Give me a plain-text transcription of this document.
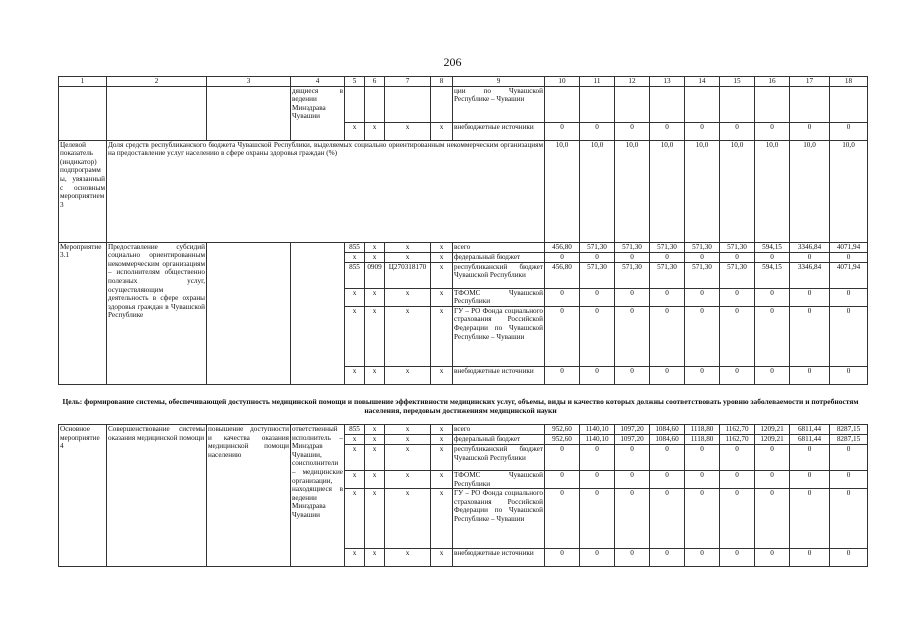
206
1	2	3	4	5	6	7	8	9	10	11	12	13	14	15	16	17	18
			дящиеся в ведении Минздрава Чувашии					ции по Чувашской Республике – Чувашии									
				x	x	x	x	внебюджетные источники	0	0	0	0	0	0	0	0	0
Целевой показатель (индикатор) подпрограммы, увязанный с основным мероприятием 3	Доля средств республиканского бюджета Чувашской Республики, выделяемых социально ориентированным некоммерческим организациям на предоставление услуг населению в сфере охраны здоровья граждан (%)								10,0	10,0	10,0	10,0	10,0	10,0	10,0	10,0	10,0
Мероприятие 3.1	Предоставление субсидий социально ориентированным некоммерческим организациям – исполнителям общественно полезных услуг, осуществляющим деятельность в сфере охраны здоровья граждан в Чувашской Республике			855	x	x	x	всего	456,80	571,30	571,30	571,30	571,30	571,30	594,15	3346,84	4071,94
				x	x	x	x	федеральный бюджет	0	0	0	0	0	0	0	0	0
				855	0909	Ц270318170	x	республиканский бюджет Чувашской Республики	456,80	571,30	571,30	571,30	571,30	571,30	594,15	3346,84	4071,94
				x	x	x	x	ТФОМС Чувашской Республики	0	0	0	0	0	0	0	0	0
				x	x	x	x	ГУ – РО Фонда социального страхования Российской Федерации по Чувашской Республике – Чувашии	0	0	0	0	0	0	0	0	0
				x	x	x	x	внебюджетные источники	0	0	0	0	0	0	0	0	0
Цель: формирование системы, обеспечивающей доступность медицинской помощи и повышение эффективности медицинских услуг, объемы, виды и качество которых должны соответствовать уровню заболеваемости и потребностям населения, передовым достижениям медицинской науки
Основное мероприятие 4	Совершенствование системы оказания медицинской помощи	повышение доступности и качества оказания медицинской помощи населению	ответственный исполнитель – Минздрав Чувашии, соисполнители – медицинские организации, находящиеся в ведении Минздрава Чувашии	855	x	x	x	всего	952,60	1140,10	1097,20	1084,60	1118,80	1162,70	1209,21	6811,44	8287,15
				x	x	x	x	федеральный бюджет	952,60	1140,10	1097,20	1084,60	1118,80	1162,70	1209,21	6811,44	8287,15
				x	x	x	x	республиканский бюджет Чувашской Республики	0	0	0	0	0	0	0	0	0
				x	x	x	x	ТФОМС Чувашской Республики	0	0	0	0	0	0	0	0	0
				x	x	x	x	ГУ – РО Фонда социального страхования Российской Федерации по Чувашской Республике – Чувашии	0	0	0	0	0	0	0	0	0
				x	x	x	x	внебюджетные источники	0	0	0	0	0	0	0	0	0
